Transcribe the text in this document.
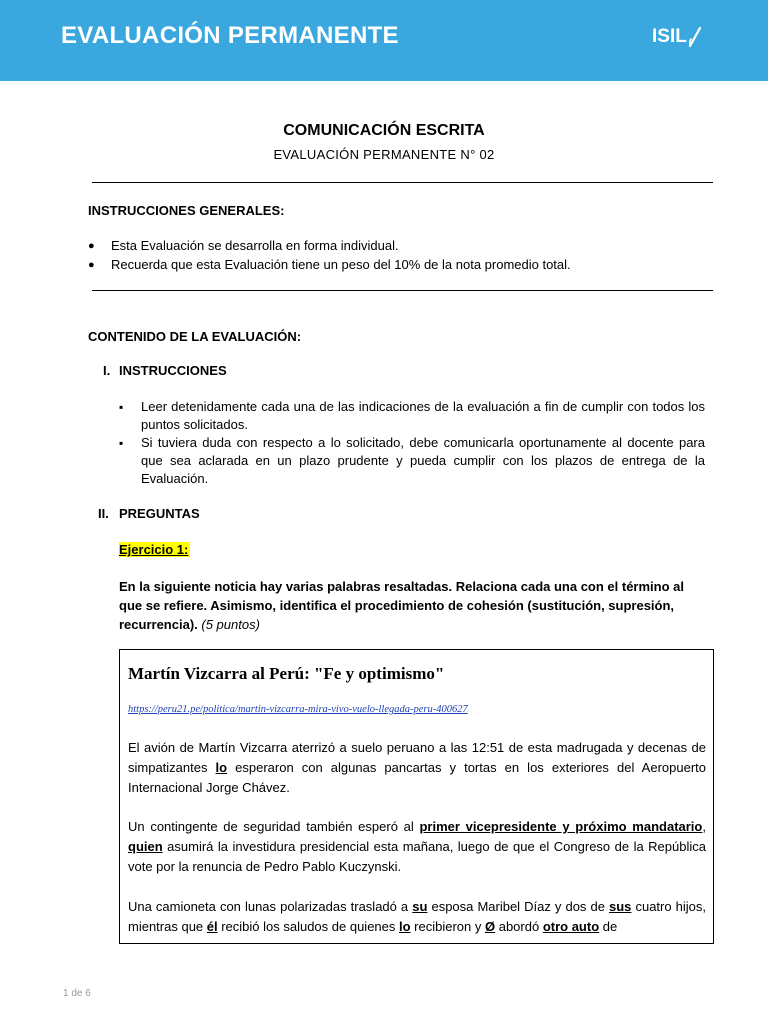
EVALUACIÓN PERMANENTE	ISIL
COMUNICACIÓN ESCRITA
EVALUACIÓN PERMANENTE N° 02
INSTRUCCIONES GENERALES:
● Esta Evaluación se desarrolla en forma individual.
● Recuerda que esta Evaluación tiene un peso del 10% de la nota promedio total.
CONTENIDO DE LA EVALUACIÓN:
I. INSTRUCCIONES
▪ Leer detenidamente cada una de las indicaciones de la evaluación a fin de cumplir con todos los puntos solicitados.
▪ Si tuviera duda con respecto a lo solicitado, debe comunicarla oportunamente al docente para que sea aclarada en un plazo prudente y pueda cumplir con los plazos de entrega de la Evaluación.
II. PREGUNTAS
Ejercicio 1:
En la siguiente noticia hay varias palabras resaltadas. Relaciona cada una con el término al que se refiere. Asimismo, identifica el procedimiento de cohesión (sustitución, supresión, recurrencia). (5 puntos)
Martín Vizcarra al Perú: "Fe y optimismo"
https://peru21.pe/politica/martin-vizcarra-mira-vivo-vuelo-llegada-peru-400627
El avión de Martín Vizcarra aterrizó a suelo peruano a las 12:51 de esta madrugada y decenas de simpatizantes lo esperaron con algunas pancartas y tortas en los exteriores del Aeropuerto Internacional Jorge Chávez.
Un contingente de seguridad también esperó al primer vicepresidente y próximo mandatario, quien asumirá la investidura presidencial esta mañana, luego de que el Congreso de la República vote por la renuncia de Pedro Pablo Kuczynski.
Una camioneta con lunas polarizadas trasladó a su esposa Maribel Díaz y dos de sus cuatro hijos, mientras que él recibió los saludos de quienes lo recibieron y Ø abordó otro auto de
1 de 6
